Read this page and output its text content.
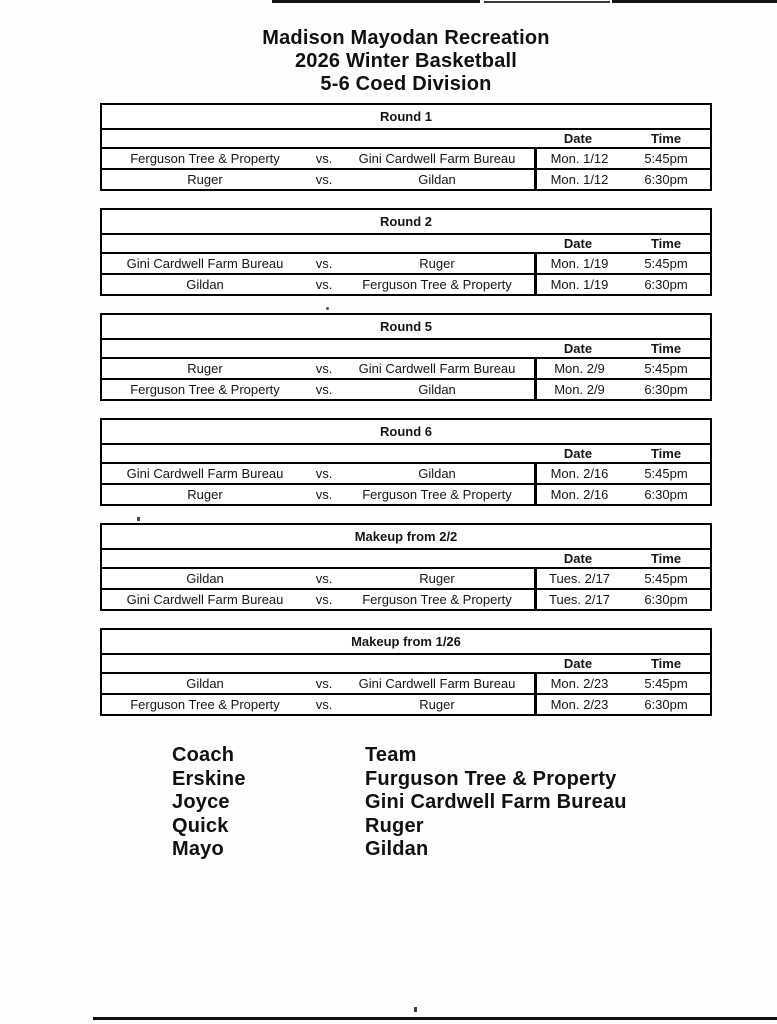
Madison Mayodan Recreation
2026 Winter Basketball
5-6 Coed Division
Round 1
Date	Time
Ferguson Tree & Property	vs.	Gini Cardwell Farm Bureau	Mon. 1/12	5:45pm
Ruger	vs.	Gildan	Mon. 1/12	6:30pm
Round 2
Date	Time
Gini Cardwell Farm Bureau	vs.	Ruger	Mon. 1/19	5:45pm
Gildan	vs.	Ferguson Tree & Property	Mon. 1/19	6:30pm
Round 5
Date	Time
Ruger	vs.	Gini Cardwell Farm Bureau	Mon. 2/9	5:45pm
Ferguson Tree & Property	vs.	Gildan	Mon. 2/9	6:30pm
Round 6
Date	Time
Gini Cardwell Farm Bureau	vs.	Gildan	Mon. 2/16	5:45pm
Ruger	vs.	Ferguson Tree & Property	Mon. 2/16	6:30pm
Makeup from 2/2
Date	Time
Gildan	vs.	Ruger	Tues. 2/17	5:45pm
Gini Cardwell Farm Bureau	vs.	Ferguson Tree & Property	Tues. 2/17	6:30pm
Makeup from 1/26
Date	Time
Gildan	vs.	Gini Cardwell Farm Bureau	Mon. 2/23	5:45pm
Ferguson Tree & Property	vs.	Ruger	Mon. 2/23	6:30pm
Coach	Team
Erskine	Furguson Tree & Property
Joyce	Gini Cardwell Farm Bureau
Quick	Ruger
Mayo	Gildan
